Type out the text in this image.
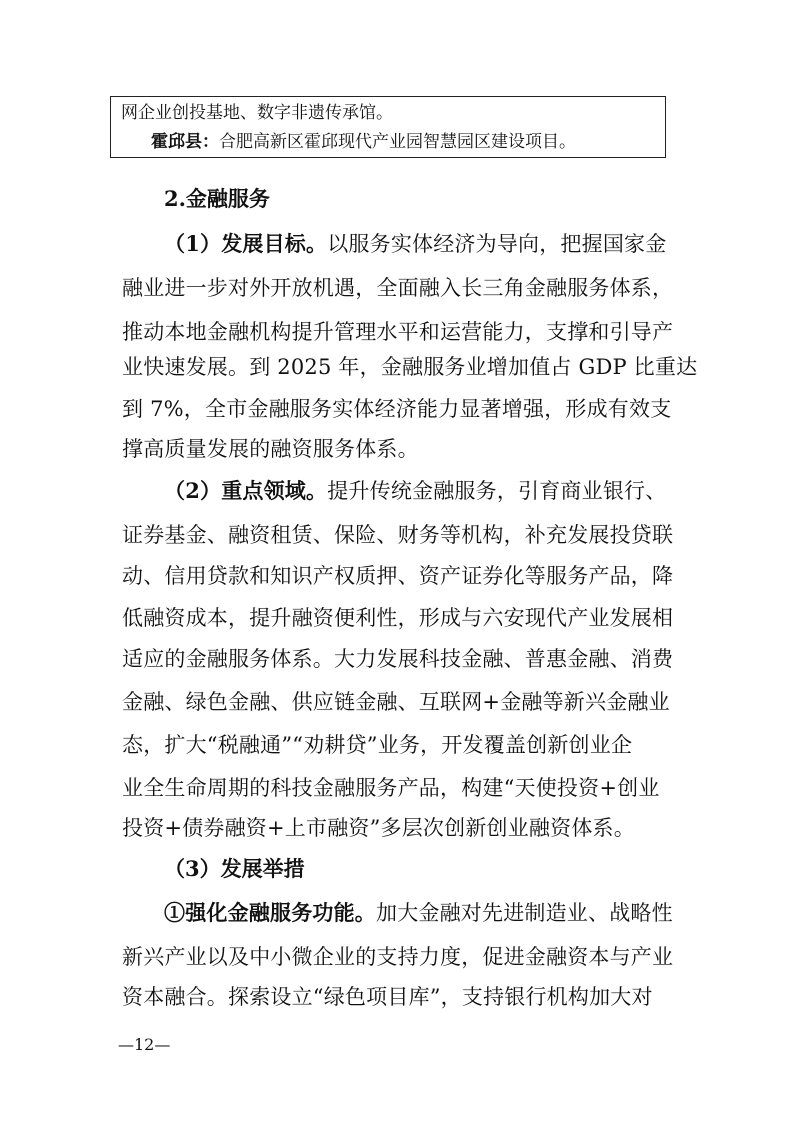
网企业创投基地、数字非遗传承馆。
霍邱县：合肥高新区霍邱现代产业园智慧园区建设项目。
2.金融服务
（1）发展目标。以服务实体经济为导向，把握国家金
融业进一步对外开放机遇，全面融入长三角金融服务体系，
推动本地金融机构提升管理水平和运营能力，支撑和引导产
业快速发展。到 2025 年，金融服务业增加值占 GDP 比重达
到 7%，全市金融服务实体经济能力显著增强，形成有效支
撑高质量发展的融资服务体系。
（2）重点领域。提升传统金融服务，引育商业银行、
证券基金、融资租赁、保险、财务等机构，补充发展投贷联
动、信用贷款和知识产权质押、资产证券化等服务产品，降
低融资成本，提升融资便利性，形成与六安现代产业发展相
适应的金融服务体系。大力发展科技金融、普惠金融、消费
金融、绿色金融、供应链金融、互联网+金融等新兴金融业
态，扩大“税融通”“劝耕贷”业务，开发覆盖创新创业企
业全生命周期的科技金融服务产品，构建“天使投资+创业
投资+债券融资+上市融资”多层次创新创业融资体系。
（3）发展举措
①强化金融服务功能。加大金融对先进制造业、战略性
新兴产业以及中小微企业的支持力度，促进金融资本与产业
资本融合。探索设立“绿色项目库”，支持银行机构加大对
—12—
